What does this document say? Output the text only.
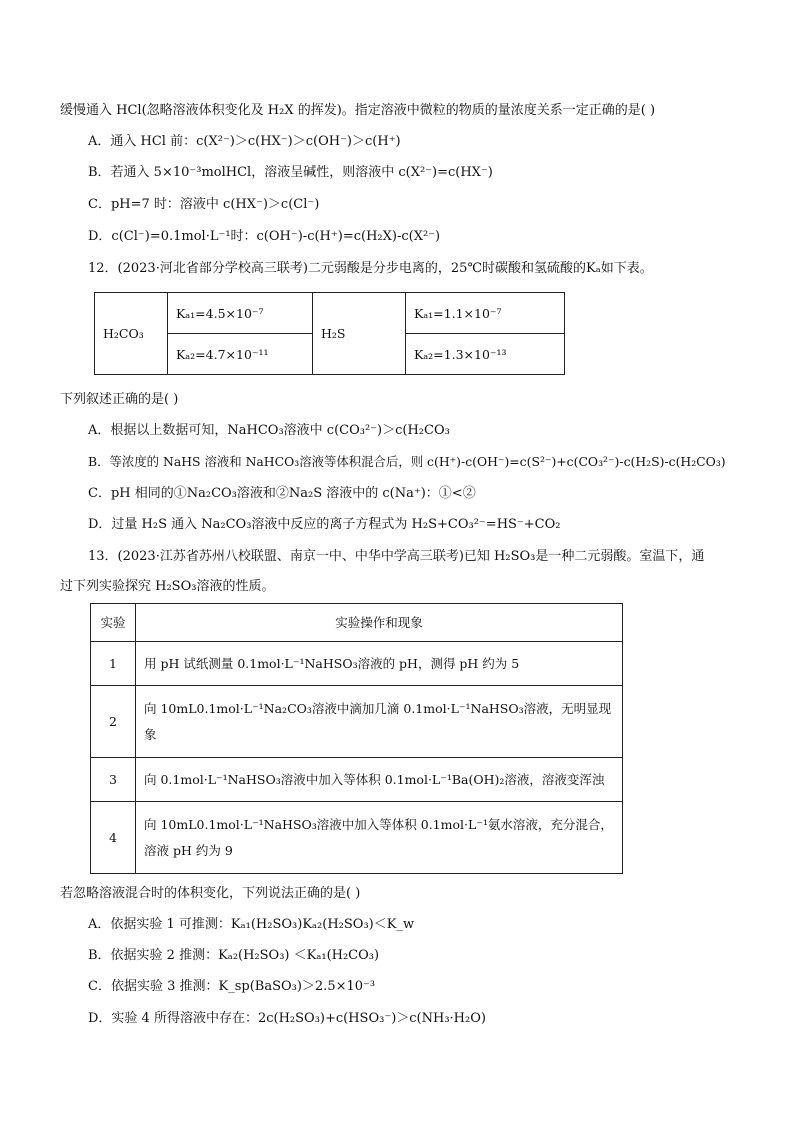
缓慢通入 HCl(忽略溶液体积变化及 H₂X 的挥发)。指定溶液中微粒的物质的量浓度关系一定正确的是( )
A．通入 HCl 前：c(X²⁻)＞c(HX⁻)＞c(OH⁻)＞c(H⁺)
B．若通入 5×10⁻³molHCl，溶液呈碱性，则溶液中 c(X²⁻)=c(HX⁻)
C．pH=7 时：溶液中 c(HX⁻)＞c(Cl⁻)
D．c(Cl⁻)=0.1mol·L⁻¹时：c(OH⁻)-c(H⁺)=c(H₂X)-c(X²⁻)
12．(2023·河北省部分学校高三联考)二元弱酸是分步电离的，25℃时碳酸和氢硫酸的Kₐ如下表。
H₂CO₃	Kₐ₁=4.5×10⁻⁷	H₂S	Kₐ₁=1.1×10⁻⁷
	Kₐ₂=4.7×10⁻¹¹		Kₐ₂=1.3×10⁻¹³
下列叙述正确的是( )
A．根据以上数据可知，NaHCO₃溶液中 c(CO₃²⁻)＞c(H₂CO₃
B．等浓度的 NaHS 溶液和 NaHCO₃溶液等体积混合后，则 c(H⁺)-c(OH⁻)=c(S²⁻)+c(CO₃²⁻)-c(H₂S)-c(H₂CO₃)
C．pH 相同的①Na₂CO₃溶液和②Na₂S 溶液中的 c(Na⁺)：①<②
D．过量 H₂S 通入 Na₂CO₃溶液中反应的离子方程式为 H₂S+CO₃²⁻=HS⁻+CO₂
13．(2023·江苏省苏州八校联盟、南京一中、中华中学高三联考)已知 H₂SO₃是一种二元弱酸。室温下，通
过下列实验探究 H₂SO₃溶液的性质。
实验	实验操作和现象
1	用 pH 试纸测量 0.1mol·L⁻¹NaHSO₃溶液的 pH，测得 pH 约为 5

2	向 10mL0.1mol·L⁻¹Na₂CO₃溶液中滴加几滴 0.1mol·L⁻¹NaHSO₃溶液，无明显现
象

3	向 0.1mol·L⁻¹NaHSO₃溶液中加入等体积 0.1mol·L⁻¹Ba(OH)₂溶液，溶液变浑浊

4	向 10mL0.1mol·L⁻¹NaHSO₃溶液中加入等体积 0.1mol·L⁻¹氨水溶液，充分混合，
溶液 pH 约为 9
若忽略溶液混合时的体积变化，下列说法正确的是( )
A．依据实验 1 可推测：Kₐ₁(H₂SO₃)Kₐ₂(H₂SO₃)＜K_w
B．依据实验 2 推测：Kₐ₂(H₂SO₃) ＜Kₐ₁(H₂CO₃)
C．依据实验 3 推测：K_sp(BaSO₃)＞2.5×10⁻³
D．实验 4 所得溶液中存在：2c(H₂SO₃)+c(HSO₃⁻)＞c(NH₃·H₂O)
